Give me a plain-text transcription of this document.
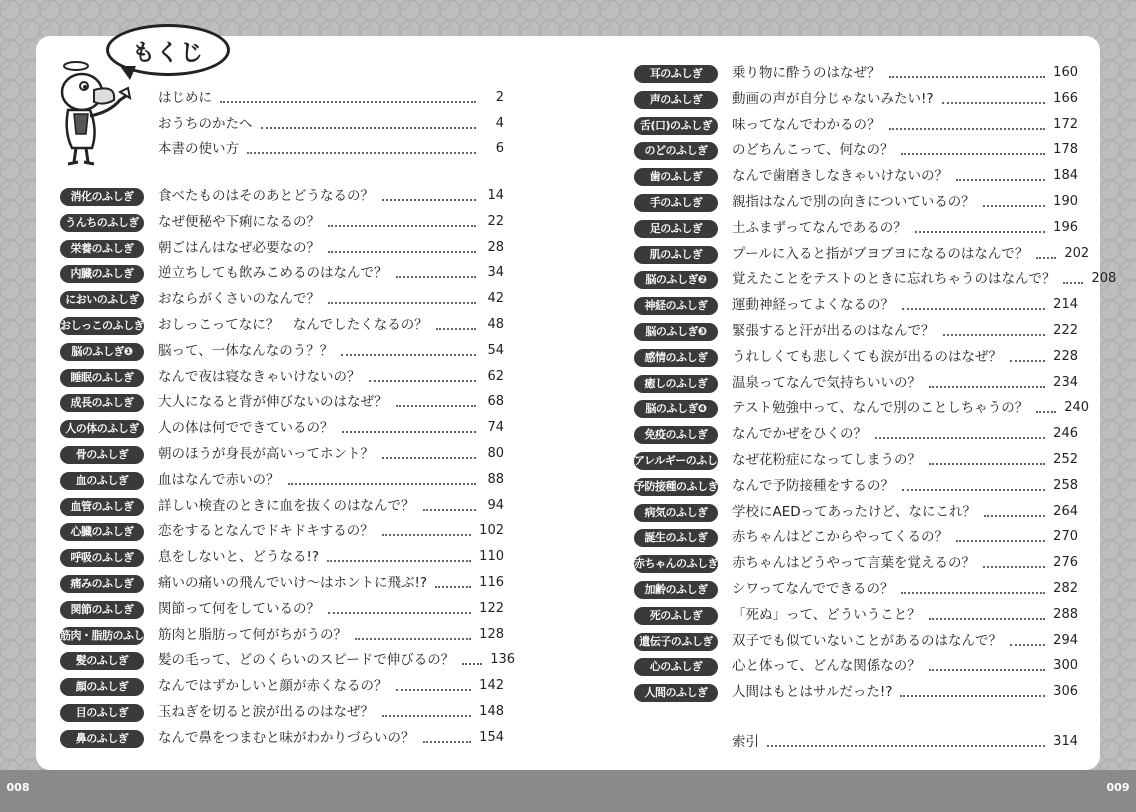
008	009
もくじ
はじめに	2
おうちのかたへ	4
本書の使い方	6
消化のふしぎ	食べたものはそのあとどうなるの？	14
うんちのふしぎ	なぜ便秘や下痢になるの？	22
栄養のふしぎ	朝ごはんはなぜ必要なの？	28
内臓のふしぎ	逆立ちしても飲みこめるのはなんで？	34
においのふしぎ	おならがくさいのなんで？	42
おしっこのふしぎ おしっこってなに？　なんでしたくなるの？	48
脳のふしぎ❶	脳って、一体なんなのう？？	54
睡眠のふしぎ	なんで夜は寝なきゃいけないの？	62
成長のふしぎ	大人になると背が伸びないのはなぜ？	68
人の体のふしぎ	人の体は何でできているの？	74
骨のふしぎ	朝のほうが身長が高いってホント？	80
血のふしぎ	血はなんで赤いの？	88
血管のふしぎ	詳しい検査のときに血を抜くのはなんで？	94
心臓のふしぎ	恋をするとなんでドキドキするの？	102
呼吸のふしぎ	息をしないと、どうなる!?	110
痛みのふしぎ	痛いの痛いの飛んでいけ～はホントに飛ぶ!?	116
関節のふしぎ	関節って何をしているの？	122
筋肉・脂肪のふしぎ 筋肉と脂肪って何がちがうの？	128
髪のふしぎ	髪の毛って、どのくらいのスピードで伸びるの？	136
顔のふしぎ	なんではずかしいと顔が赤くなるの？	142
目のふしぎ	玉ねぎを切ると涙が出るのはなぜ？	148
鼻のふしぎ	なんで鼻をつまむと味がわかりづらいの？	154
耳のふしぎ	乗り物に酔うのはなぜ？	160
声のふしぎ	動画の声が自分じゃないみたい!?	166
舌(口)のふしぎ	味ってなんでわかるの？	172
のどのふしぎ	のどちんこって、何なの？	178
歯のふしぎ	なんで歯磨きしなきゃいけないの？	184
手のふしぎ	親指はなんで別の向きについているの？	190
足のふしぎ	土ふまずってなんであるの？	196
肌のふしぎ	プールに入ると指がブヨブヨになるのはなんで？	202
脳のふしぎ❷	覚えたことをテストのときに忘れちゃうのはなんで？	208
神経のふしぎ	運動神経ってよくなるの？	214
脳のふしぎ❸	緊張すると汗が出るのはなんで？	222
感情のふしぎ	うれしくても悲しくても涙が出るのはなぜ？	228
癒しのふしぎ	温泉ってなんで気持ちいいの？	234
脳のふしぎ❹	テスト勉強中って、なんで別のことしちゃうの？	240
免疫のふしぎ	なんでかぜをひくの？	246
アレルギーのふしぎ なぜ花粉症になってしまうの？	252
予防接種のふしぎ なんで予防接種をするの？	258
病気のふしぎ	学校にAEDってあったけど、なにこれ？	264
誕生のふしぎ	赤ちゃんはどこからやってくるの？	270
赤ちゃんのふしぎ 赤ちゃんはどうやって言葉を覚えるの？	276
加齢のふしぎ	シワってなんでできるの？	282
死のふしぎ	「死ぬ」って、どういうこと？	288
遺伝子のふしぎ	双子でも似ていないことがあるのはなんで？	294
心のふしぎ	心と体って、どんな関係なの？	300
人間のふしぎ	人間はもとはサルだった!?	306
索引	314
